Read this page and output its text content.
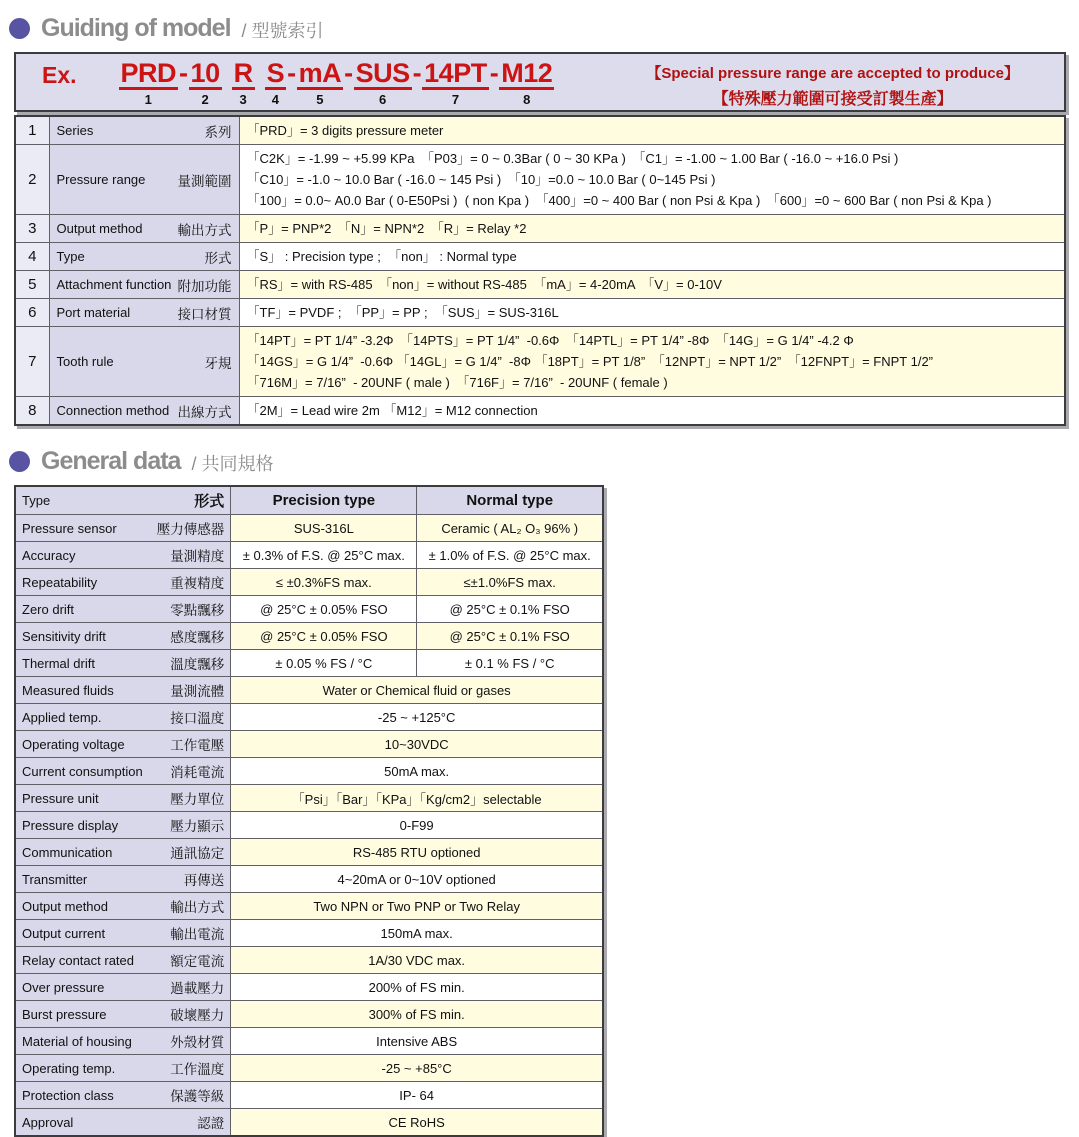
Guiding of model / 型號索引
Ex. PRD
1
- 10
2
R
3
S
4
- mA
5
- SUS
6
- 14PT
7
- M12
8
【Special pressure range are accepted to produce】
【特殊壓力範圍可接受訂製生產】
1	Series 系列	「PRD」= 3 digits pressure meter

2	Pressure range 量測範圍

「C2K」= -1.99 ~ +5.99 KPa　「P03」= 0 ~ 0.3Bar ( 0 ~ 30 KPa )　「C1」= -1.00 ~ 1.00 Bar ( -16.0 ~ +16.0 Psi )
「C10」= -1.0 ~ 10.0 Bar ( -16.0 ~ 145 Psi )　「10」=0.0 ~ 10.0 Bar ( 0~145 Psi )
「100」= 0.0~ A0.0 Bar ( 0-E50Psi )  ( non Kpa )　「400」=0 ~ 400 Bar ( non Psi & Kpa )　「600」=0 ~ 600 Bar ( non Psi & Kpa )

3	Output method 輸出方式	「P」= PNP*2　「N」= NPN*2　「R」= Relay *2

4	Type 形式	「S」 : Precision type ;  「non」 : Normal type

5	Attachment function 附加功能	「RS」= with RS-485　「non」= without RS-485　「mA」= 4-20mA　「V」= 0-10V

6	Port material 接口材質	「TF」= PVDF ;  「PP」= PP ;  「SUS」= SUS-316L

7	Tooth rule	牙規

「14PT」= PT 1/4” -3.2Φ　「14PTS」= PT 1/4”  -0.6Φ　「14PTL」= PT 1/4” -8Φ　「14G」= G 1/4” -4.2 Φ
「14GS」= G 1/4”  -0.6Φ 「14GL」= G 1/4”  -8Φ 「18PT」= PT 1/8”　「12NPT」= NPT 1/2”　「12FNPT」= FNPT 1/2”
「716M」= 7/16”  - 20UNF ( male )　「716F」= 7/16”  - 20UNF ( female )

8	Connection method 出線方式	「2M」= Lead wire 2m 「M12」= M12 connection
General data / 共同規格
Type 形式	Precision type	Normal type

Pressure sensor 壓力傳感器	SUS-316L	Ceramic ( AL₂ O₃ 96% )

Accuracy 量測精度	± 0.3% of F.S. @ 25°C max.	± 1.0% of F.S. @ 25°C max.

Repeatability 重複精度	≤ ±0.3%FS max.	≤±1.0%FS max.

Zero drift 零點飄移	@ 25°C ± 0.05% FSO	@ 25°C ± 0.1% FSO

Sensitivity drift 感度飄移	@ 25°C ± 0.05% FSO	@ 25°C ± 0.1% FSO

Thermal drift 溫度飄移	± 0.05 % FS / °C	± 0.1 % FS / °C

Measured fluids 量測流體	Water or Chemical fluid or gases	

Applied temp. 接口溫度	-25 ~ +125°C	

Operating voltage 工作電壓	10~30VDC	

Current consumption 消耗電流	50mA max.	

Pressure unit 壓力單位	「Psi」「Bar」「KPa」「Kg/cm2」selectable	

Pressure display 壓力顯示	0-F99	

Communication 通訊協定	RS-485 RTU optioned	

Transmitter 再傳送	4~20mA or 0~10V optioned	

Output method 輸出方式	Two NPN or Two PNP or Two Relay	

Output current 輸出電流	150mA max.	

Relay contact rated 額定電流	1A/30 VDC max.	

Over pressure 過載壓力	200% of FS min.	

Burst pressure 破壞壓力	300% of FS min.	

Material of housing 外殼材質	Intensive ABS	

Operating temp. 工作溫度	-25 ~ +85°C	

Protection class 保護等級	IP- 64	

Approval 認證	CE RoHS	
